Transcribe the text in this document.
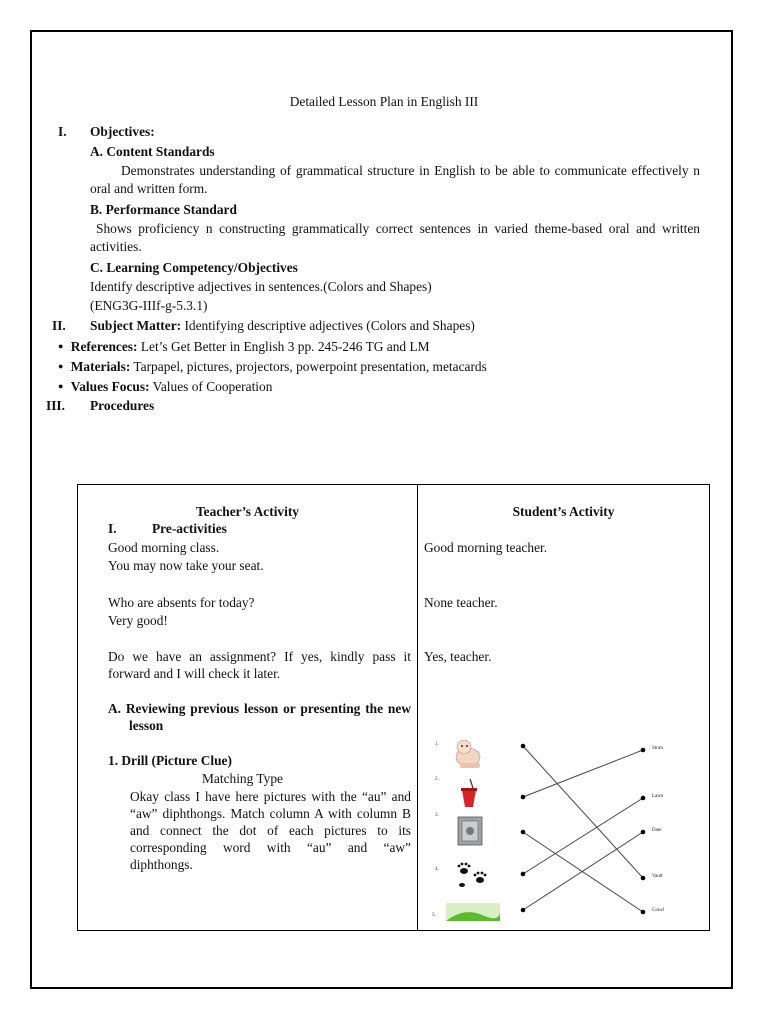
Detailed Lesson Plan in English III
I. Objectives:
A. Content Standards
Demonstrates understanding of grammatical structure in English to be able to communicate effectively n oral and written form.
B. Performance Standard
Shows proficiency n constructing grammatically correct sentences in varied theme-based oral and written activities.
C. Learning Competency/Objectives
Identify descriptive adjectives in sentences.(Colors and Shapes)
(ENG3G-IIIf-g-5.3.1)
II. Subject Matter: Identifying descriptive adjectives (Colors and Shapes)
● References: Let’s Get Better in English 3 pp. 245-246 TG and LM
● Materials: Tarpapel, pictures, projectors, powerpoint presentation, metacards
● Values Focus: Values of Cooperation
III. Procedures
Teacher’s Activity	Student’s Activity
I.	Pre-activities
Good morning class.
You may now take your seat.
Good morning teacher.
Who are absents for today?
Very good!
None teacher.
Do we have an assignment? If yes, kindly pass it forward and I will check it later.
Yes, teacher.
A. Reviewing previous lesson or presenting the new lesson
1. Drill (Picture Clue)
Matching Type
Okay class I have here pictures with the “au” and “aw” diphthongs. Match column A with column B and connect the dot of each pictures to its corresponding word with “au” and “aw” diphthongs.
1.
2.
3.
4.
5.
Straw
Lawn
Date
Vault
Crawl
